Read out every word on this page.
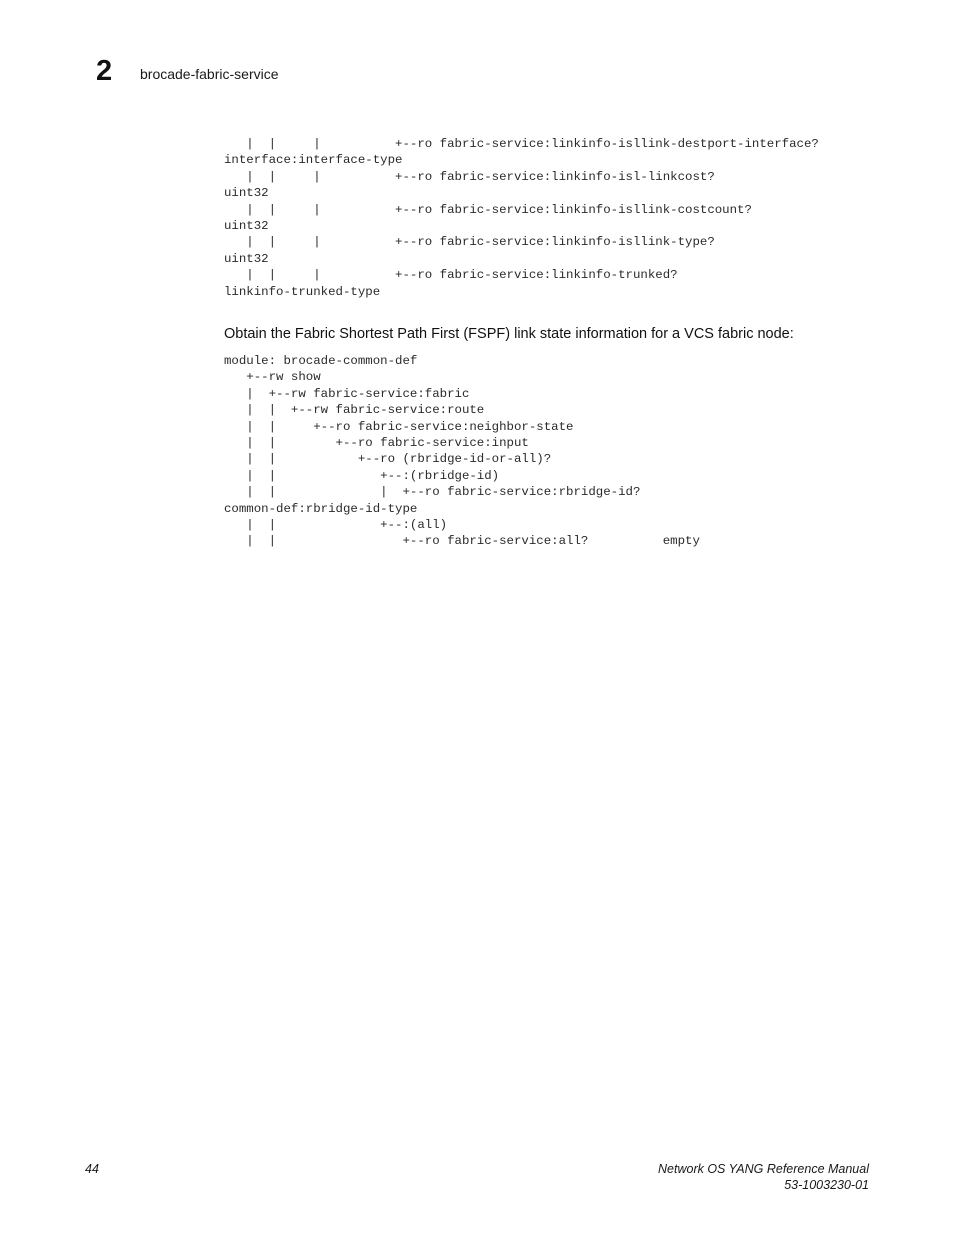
2 brocade-fabric-service
|  |     |          +--ro fabric-service:linkinfo-isllink-destport-interface?
interface:interface-type
|  |     |          +--ro fabric-service:linkinfo-isl-linkcost?
uint32
|  |     |          +--ro fabric-service:linkinfo-isllink-costcount?
uint32
|  |     |          +--ro fabric-service:linkinfo-isllink-type?
uint32
|  |     |          +--ro fabric-service:linkinfo-trunked?
linkinfo-trunked-type
Obtain the Fabric Shortest Path First (FSPF) link state information for a VCS fabric node:
module: brocade-common-def
+--rw show
|  +--rw fabric-service:fabric
|  |  +--rw fabric-service:route
|  |     +--ro fabric-service:neighbor-state
|  |        +--ro fabric-service:input
|  |           +--ro (rbridge-id-or-all)?
|  |              +--:(rbridge-id)
|  |              |  +--ro fabric-service:rbridge-id?
common-def:rbridge-id-type
|  |              +--:(all)
|  |                 +--ro fabric-service:all?          empty
44	Network OS YANG Reference Manual
53-1003230-01
